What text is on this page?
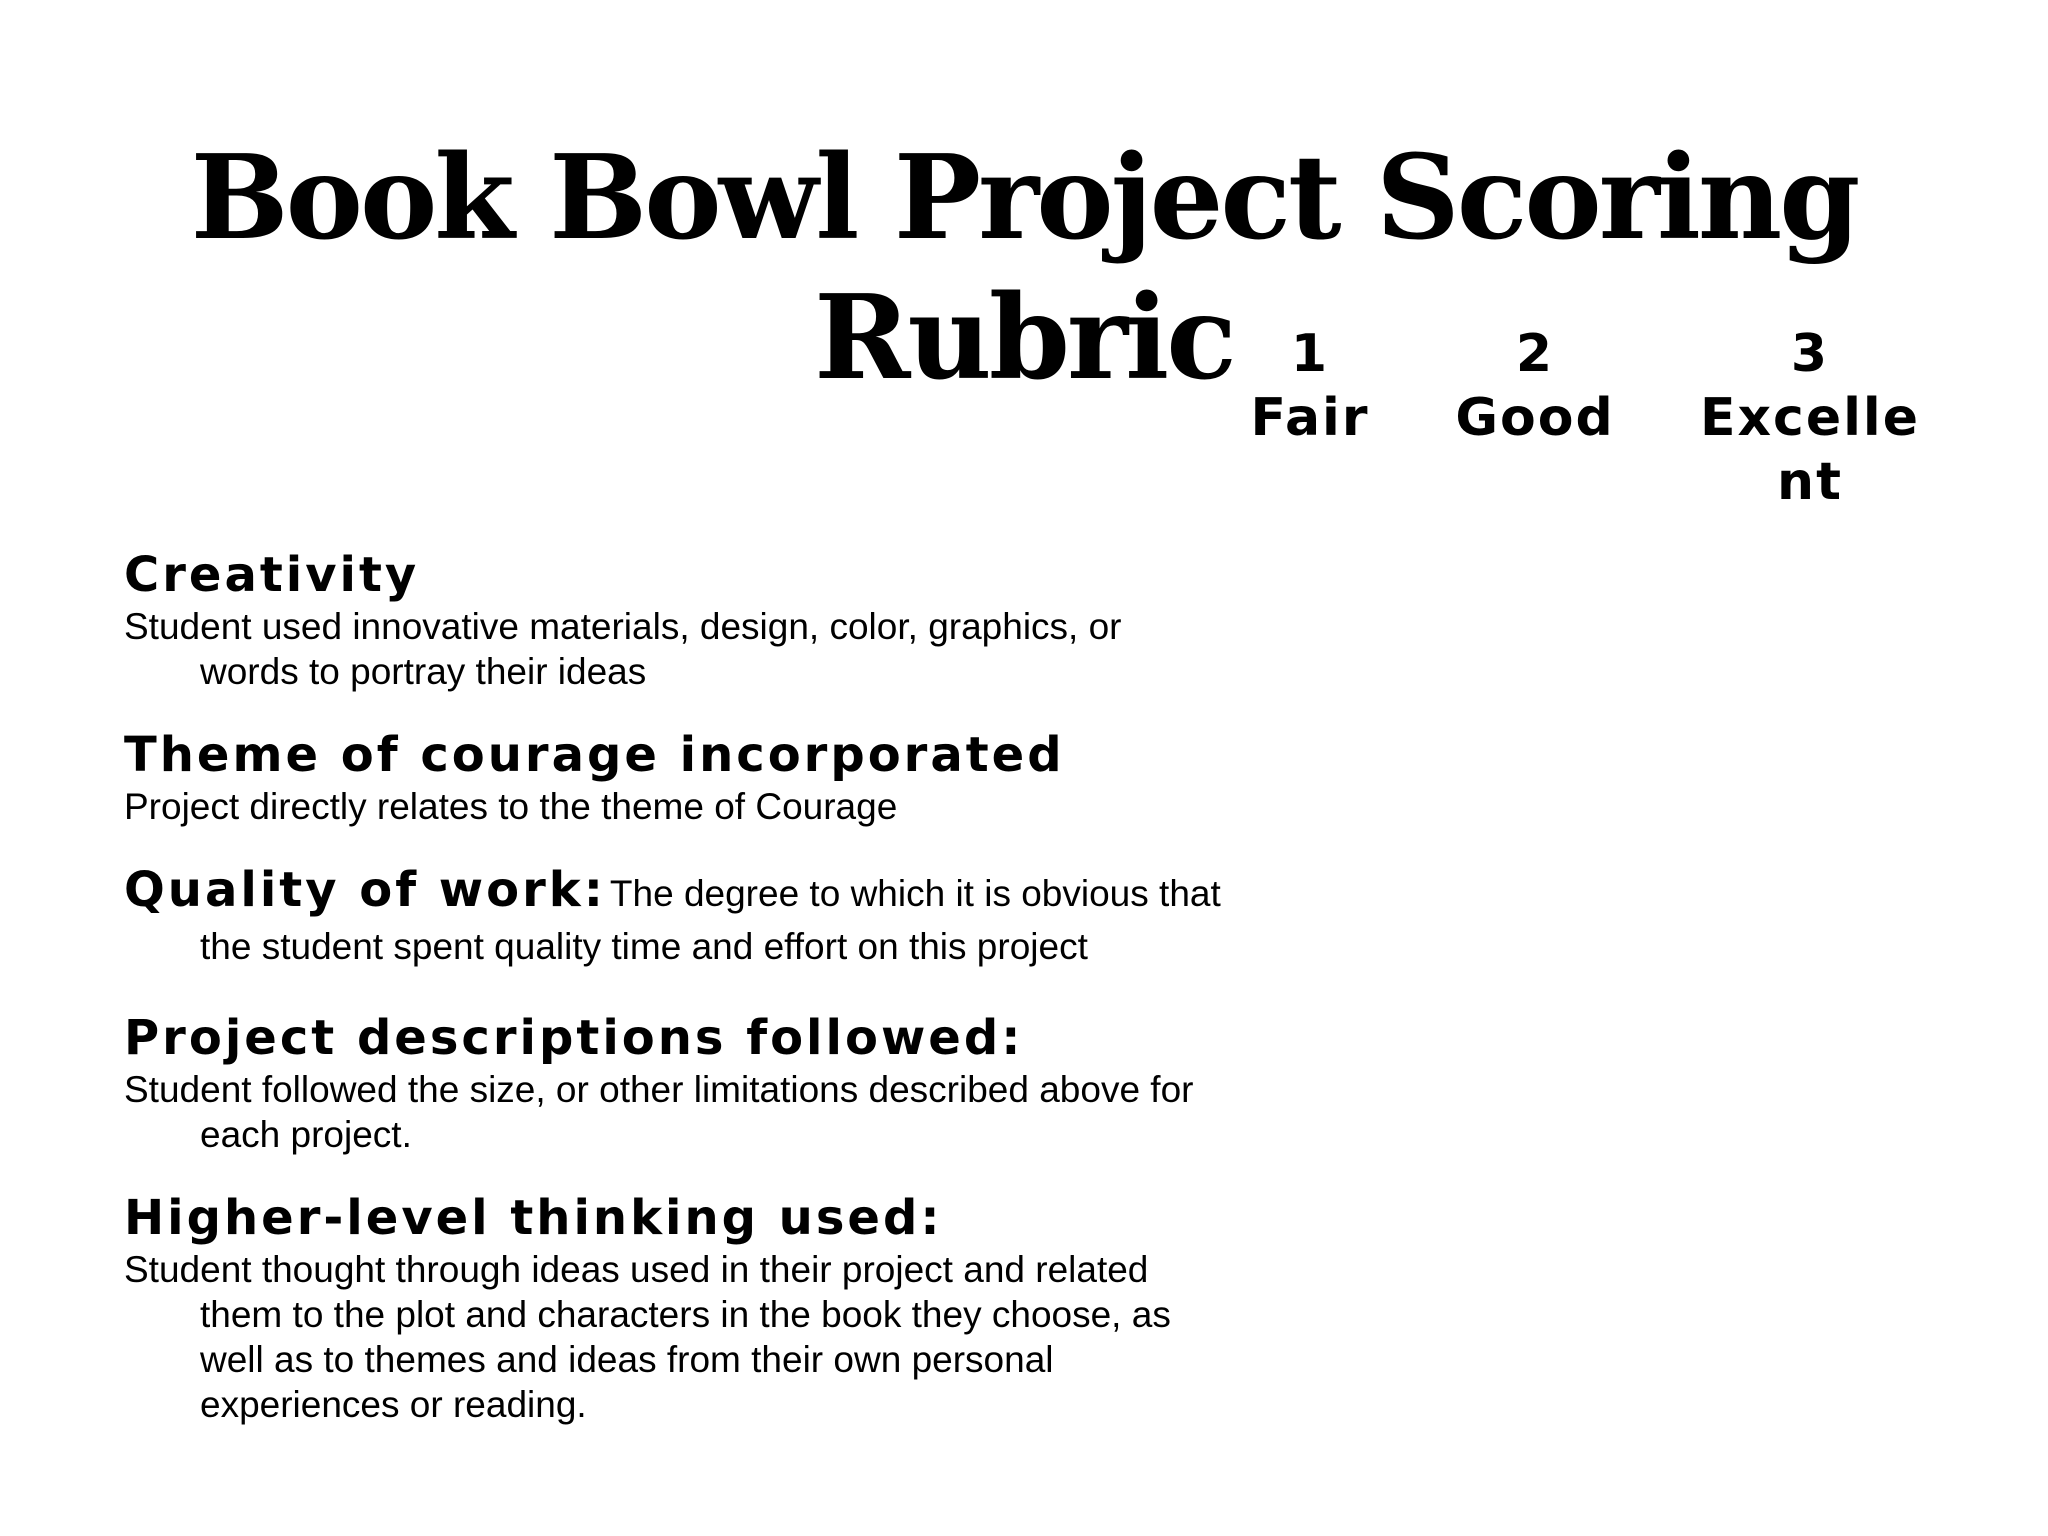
Book Bowl Project Scoring Rubric	1
Fair
2
Good
3
Excellent
Creativity
Student used innovative materials, design, color, graphics, or words to portray their ideas
Theme of courage incorporated
Project directly relates to the theme of Courage
Quality of work: The degree to which it is obvious that the student spent quality time and effort on this project
Project descriptions followed:
Student followed the size, or other limitations described above for each project.
Higher-level thinking used:
Student thought through ideas used in their project and related them to the plot and characters in the book they choose, as well as to themes and ideas from their own personal experiences or reading.
